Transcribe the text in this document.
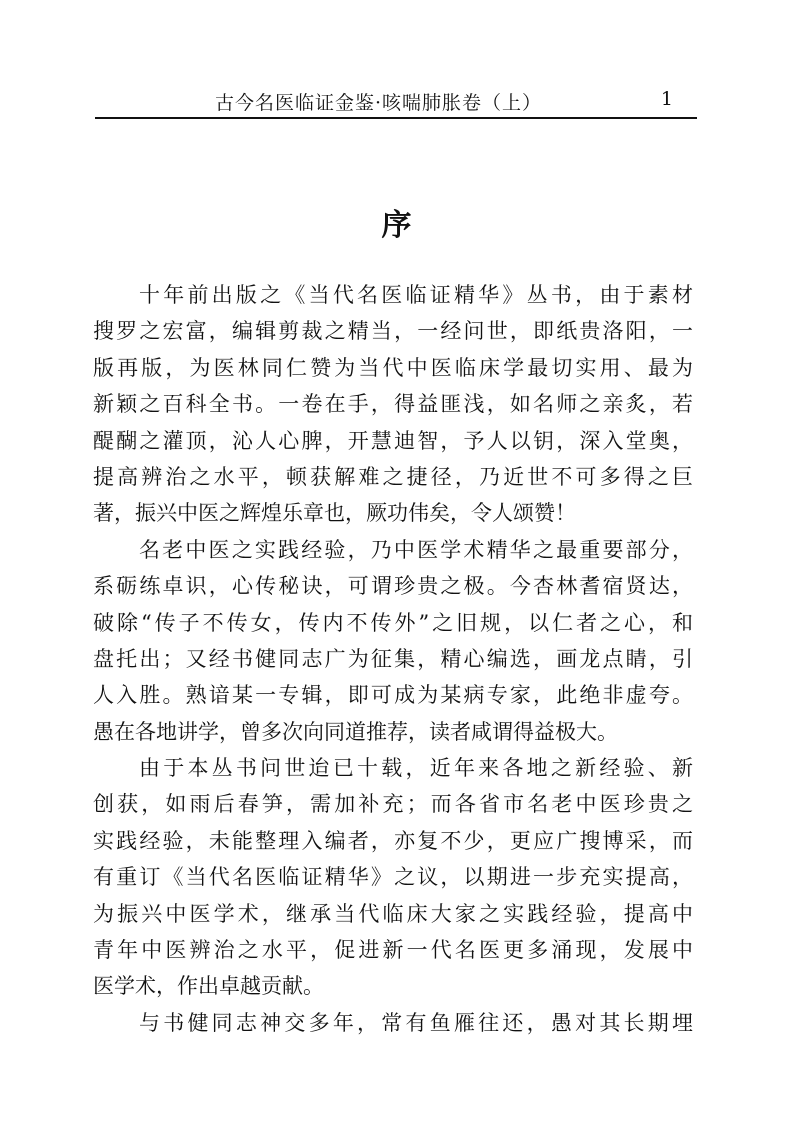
古今名医临证金鉴·咳喘肺胀卷（上）	1
序
十年前出版之《当代名医临证精华》丛书，由于素材
搜罗之宏富，编辑剪裁之精当，一经问世，即纸贵洛阳，一
版再版，为医林同仁赞为当代中医临床学最切实用、最为
新颖之百科全书。一卷在手，得益匪浅，如名师之亲炙，若
醍醐之灌顶，沁人心脾，开慧迪智，予人以钥，深入堂奥，
提高辨治之水平，顿获解难之捷径，乃近世不可多得之巨
著，振兴中医之辉煌乐章也，厥功伟矣，令人颂赞！
名老中医之实践经验，乃中医学术精华之最重要部分，
系砺练卓识，心传秘诀，可谓珍贵之极。今杏林耆宿贤达，
破除“传子不传女，传内不传外”之旧规，以仁者之心，和
盘托出；又经书健同志广为征集，精心编选，画龙点睛，引
人入胜。熟谙某一专辑，即可成为某病专家，此绝非虚夸。
愚在各地讲学，曾多次向同道推荐，读者咸谓得益极大。
由于本丛书问世迨已十载，近年来各地之新经验、新
创获，如雨后春笋，需加补充；而各省市名老中医珍贵之
实践经验，未能整理入编者，亦复不少，更应广搜博采，而
有重订《当代名医临证精华》之议，以期进一步充实提高，
为振兴中医学术，继承当代临床大家之实践经验，提高中
青年中医辨治之水平，促进新一代名医更多涌现，发展中
医学术，作出卓越贡献。
与书健同志神交多年，常有鱼雁往还，愚对其长期埋
